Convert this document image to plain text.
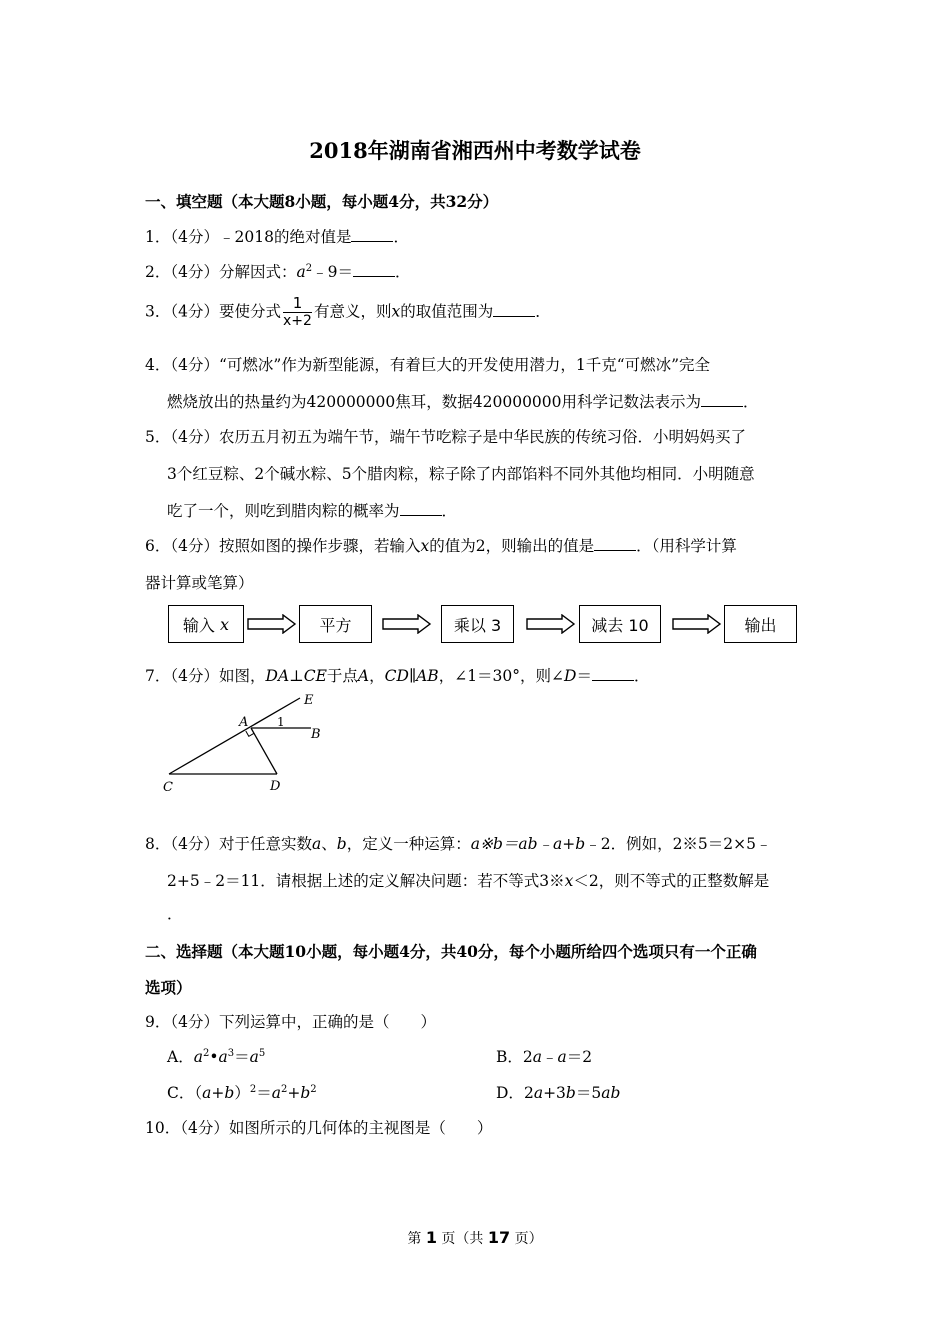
2018年湖南省湘西州中考数学试卷
一、填空题（本大题8小题，每小题4分，共32分）
1．（4分）﹣2018的绝对值是	．
2．（4分）分解因式：$a^2﹣9=$	．
3．（4分）要使分式 $\frac{1}{x+2}$ 有意义，则x的取值范围为	．
4．（4分）“可燃冰”作为新型能源，有着巨大的开发使用潜力，1千克“可燃冰”完全
燃烧放出的热量约为420000000焦耳，数据420000000用科学记数法表示为	．
5．（4分）农历五月初五为端午节，端午节吃粽子是中华民族的传统习俗．小明妈妈买了
3个红豆粽、2个碱水粽、5个腊肉粽，粽子除了内部馅料不同外其他均相同．小明随意
吃了一个，则吃到腊肉粽的概率为	．
6．（4分）按照如图的操作步骤，若输入x的值为2，则输出的值是	．（用科学计算
器计算或笔算）
输入
x	平方	乘以 3	减去 10	输出
7．（4分）如图，DA⊥CE于点A，CD∥AB，∠1＝30°，则∠D＝	．
E
A 1
B
C	D
8．（4分）对于任意实数a、b，定义一种运算：a※b＝ab﹣a+b﹣2．例如，2※5＝2×5﹣
2+5﹣2＝11．请根据上述的定义解决问题：若不等式3※x＜2，则不等式的正整数解是
．
二、选择题（本大题10小题，每小题4分，共40分，每个小题所给四个选项只有一个正确
选项）
9．（4分）下列运算中，正确的是（　　）
A．$a^2•a^3=a^5$	B．2a﹣a＝2
C．$(a+b)^2=a^2+b^2$	D．2a+3b＝5ab
10．（4分）如图所示的几何体的主视图是（　　）
第 1 页（共 17 页）
